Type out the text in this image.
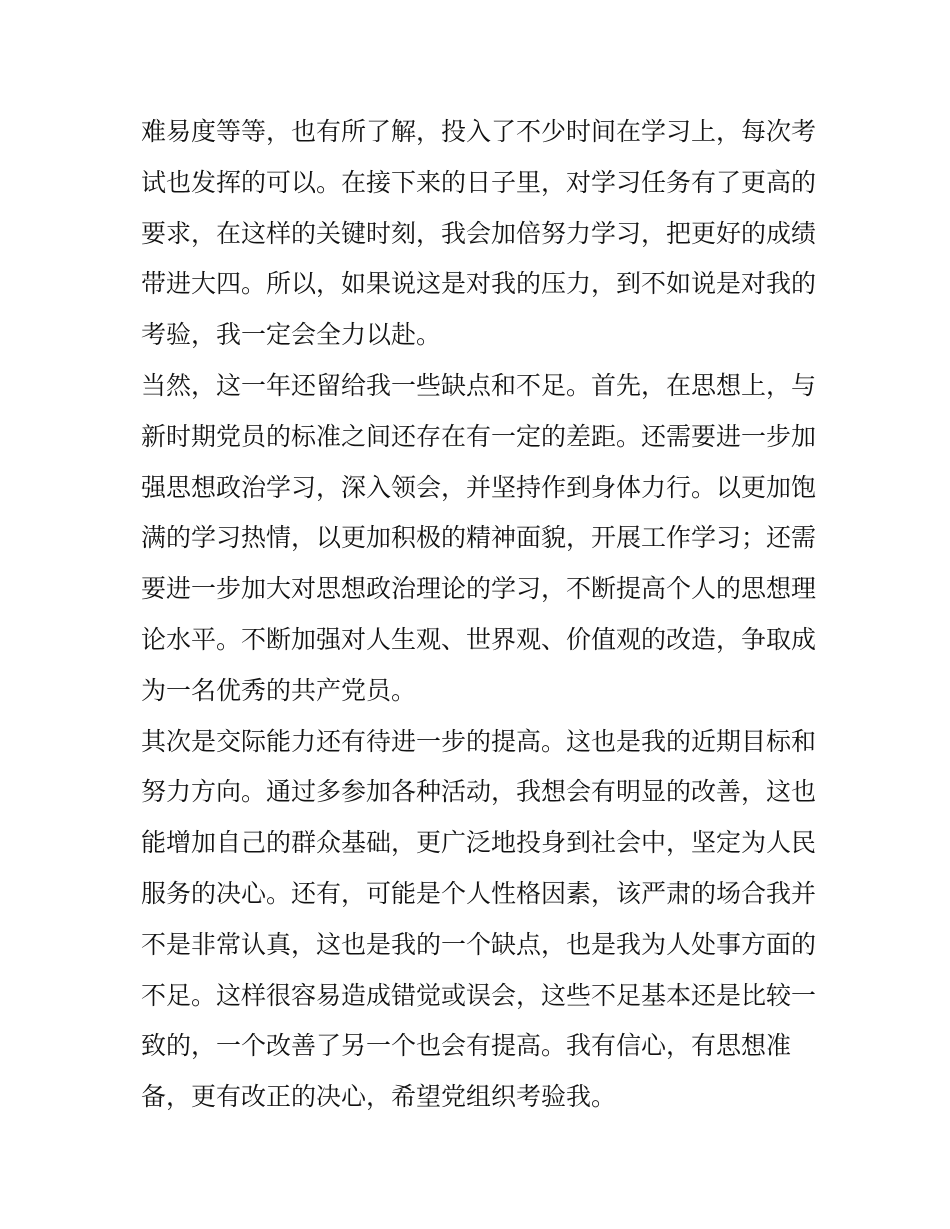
难易度等等，也有所了解，投入了不少时间在学习上，每次考
试也发挥的可以。在接下来的日子里，对学习任务有了更高的
要求，在这样的关键时刻，我会加倍努力学习，把更好的成绩
带进大四。所以，如果说这是对我的压力，到不如说是对我的
考验，我一定会全力以赴。
当然，这一年还留给我一些缺点和不足。首先，在思想上，与
新时期党员的标准之间还存在有一定的差距。还需要进一步加
强思想政治学习，深入领会，并坚持作到身体力行。以更加饱
满的学习热情，以更加积极的精神面貌，开展工作学习；还需
要进一步加大对思想政治理论的学习，不断提高个人的思想理
论水平。不断加强对人生观、世界观、价值观的改造，争取成
为一名优秀的共产党员。
其次是交际能力还有待进一步的提高。这也是我的近期目标和
努力方向。通过多参加各种活动，我想会有明显的改善，这也
能增加自己的群众基础，更广泛地投身到社会中，坚定为人民
服务的决心。还有，可能是个人性格因素，该严肃的场合我并
不是非常认真，这也是我的一个缺点，也是我为人处事方面的
不足。这样很容易造成错觉或误会，这些不足基本还是比较一
致的，一个改善了另一个也会有提高。我有信心，有思想准
备，更有改正的决心，希望党组织考验我。
